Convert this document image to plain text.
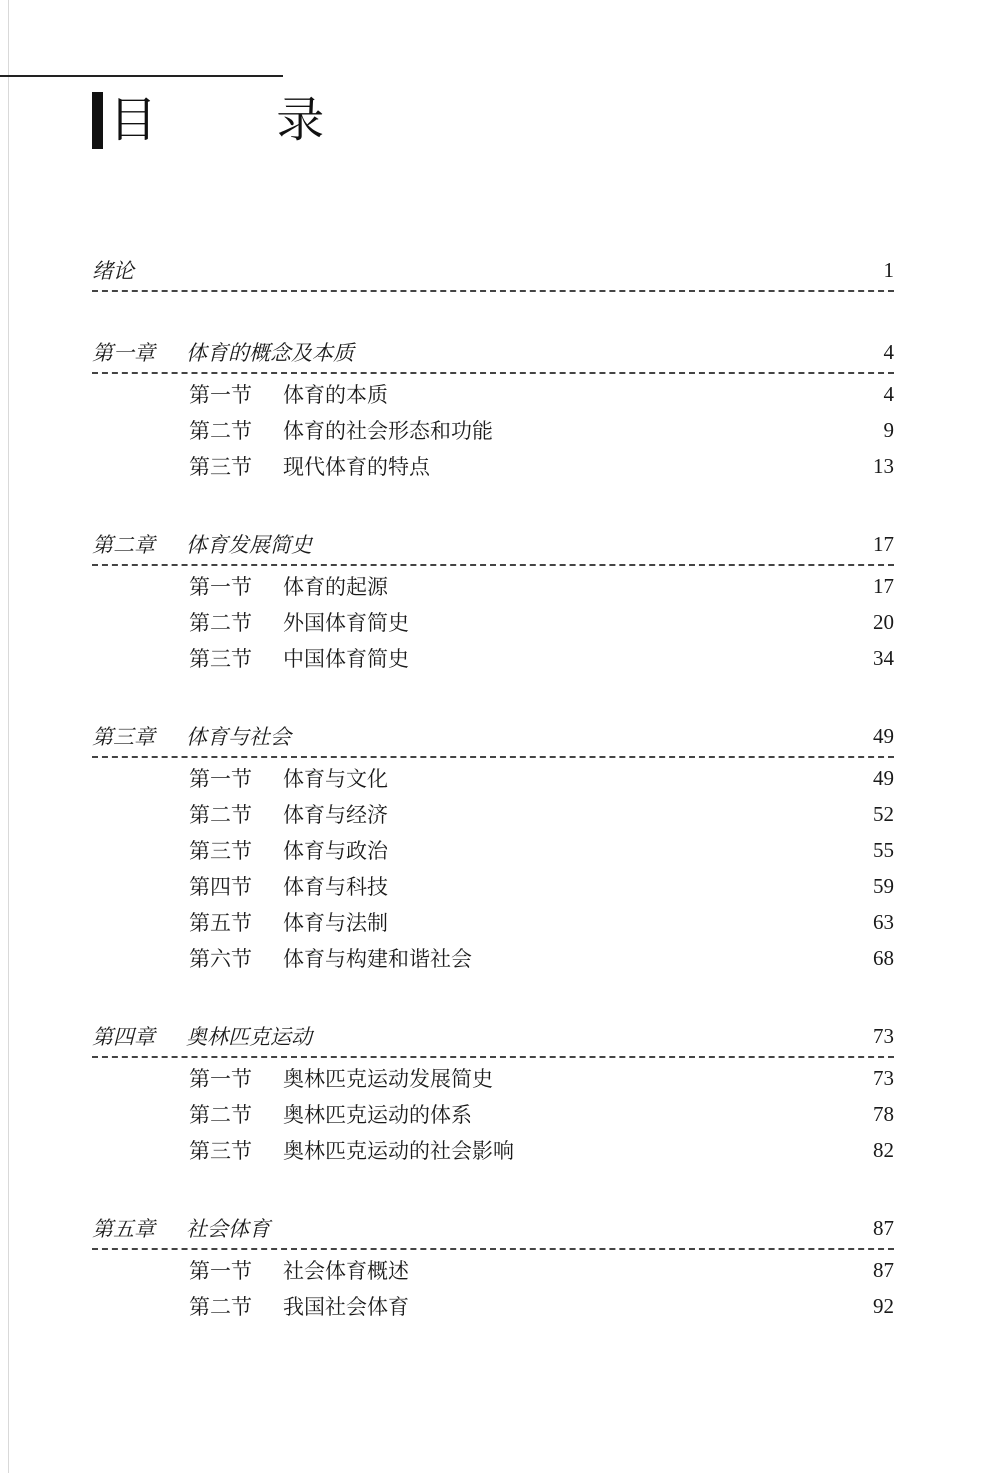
目 录
绪论	1
第一章 体育的概念及本质	4
第一节 体育的本质	4
第二节 体育的社会形态和功能	9
第三节 现代体育的特点	13
第二章 体育发展简史	17
第一节 体育的起源	17
第二节 外国体育简史	20
第三节 中国体育简史	34
第三章 体育与社会	49
第一节 体育与文化	49
第二节 体育与经济	52
第三节 体育与政治	55
第四节 体育与科技	59
第五节 体育与法制	63
第六节 体育与构建和谐社会	68
第四章 奥林匹克运动	73
第一节 奥林匹克运动发展简史	73
第二节 奥林匹克运动的体系	78
第三节 奥林匹克运动的社会影响	82
第五章 社会体育	87
第一节 社会体育概述	87
第二节 我国社会体育	92
